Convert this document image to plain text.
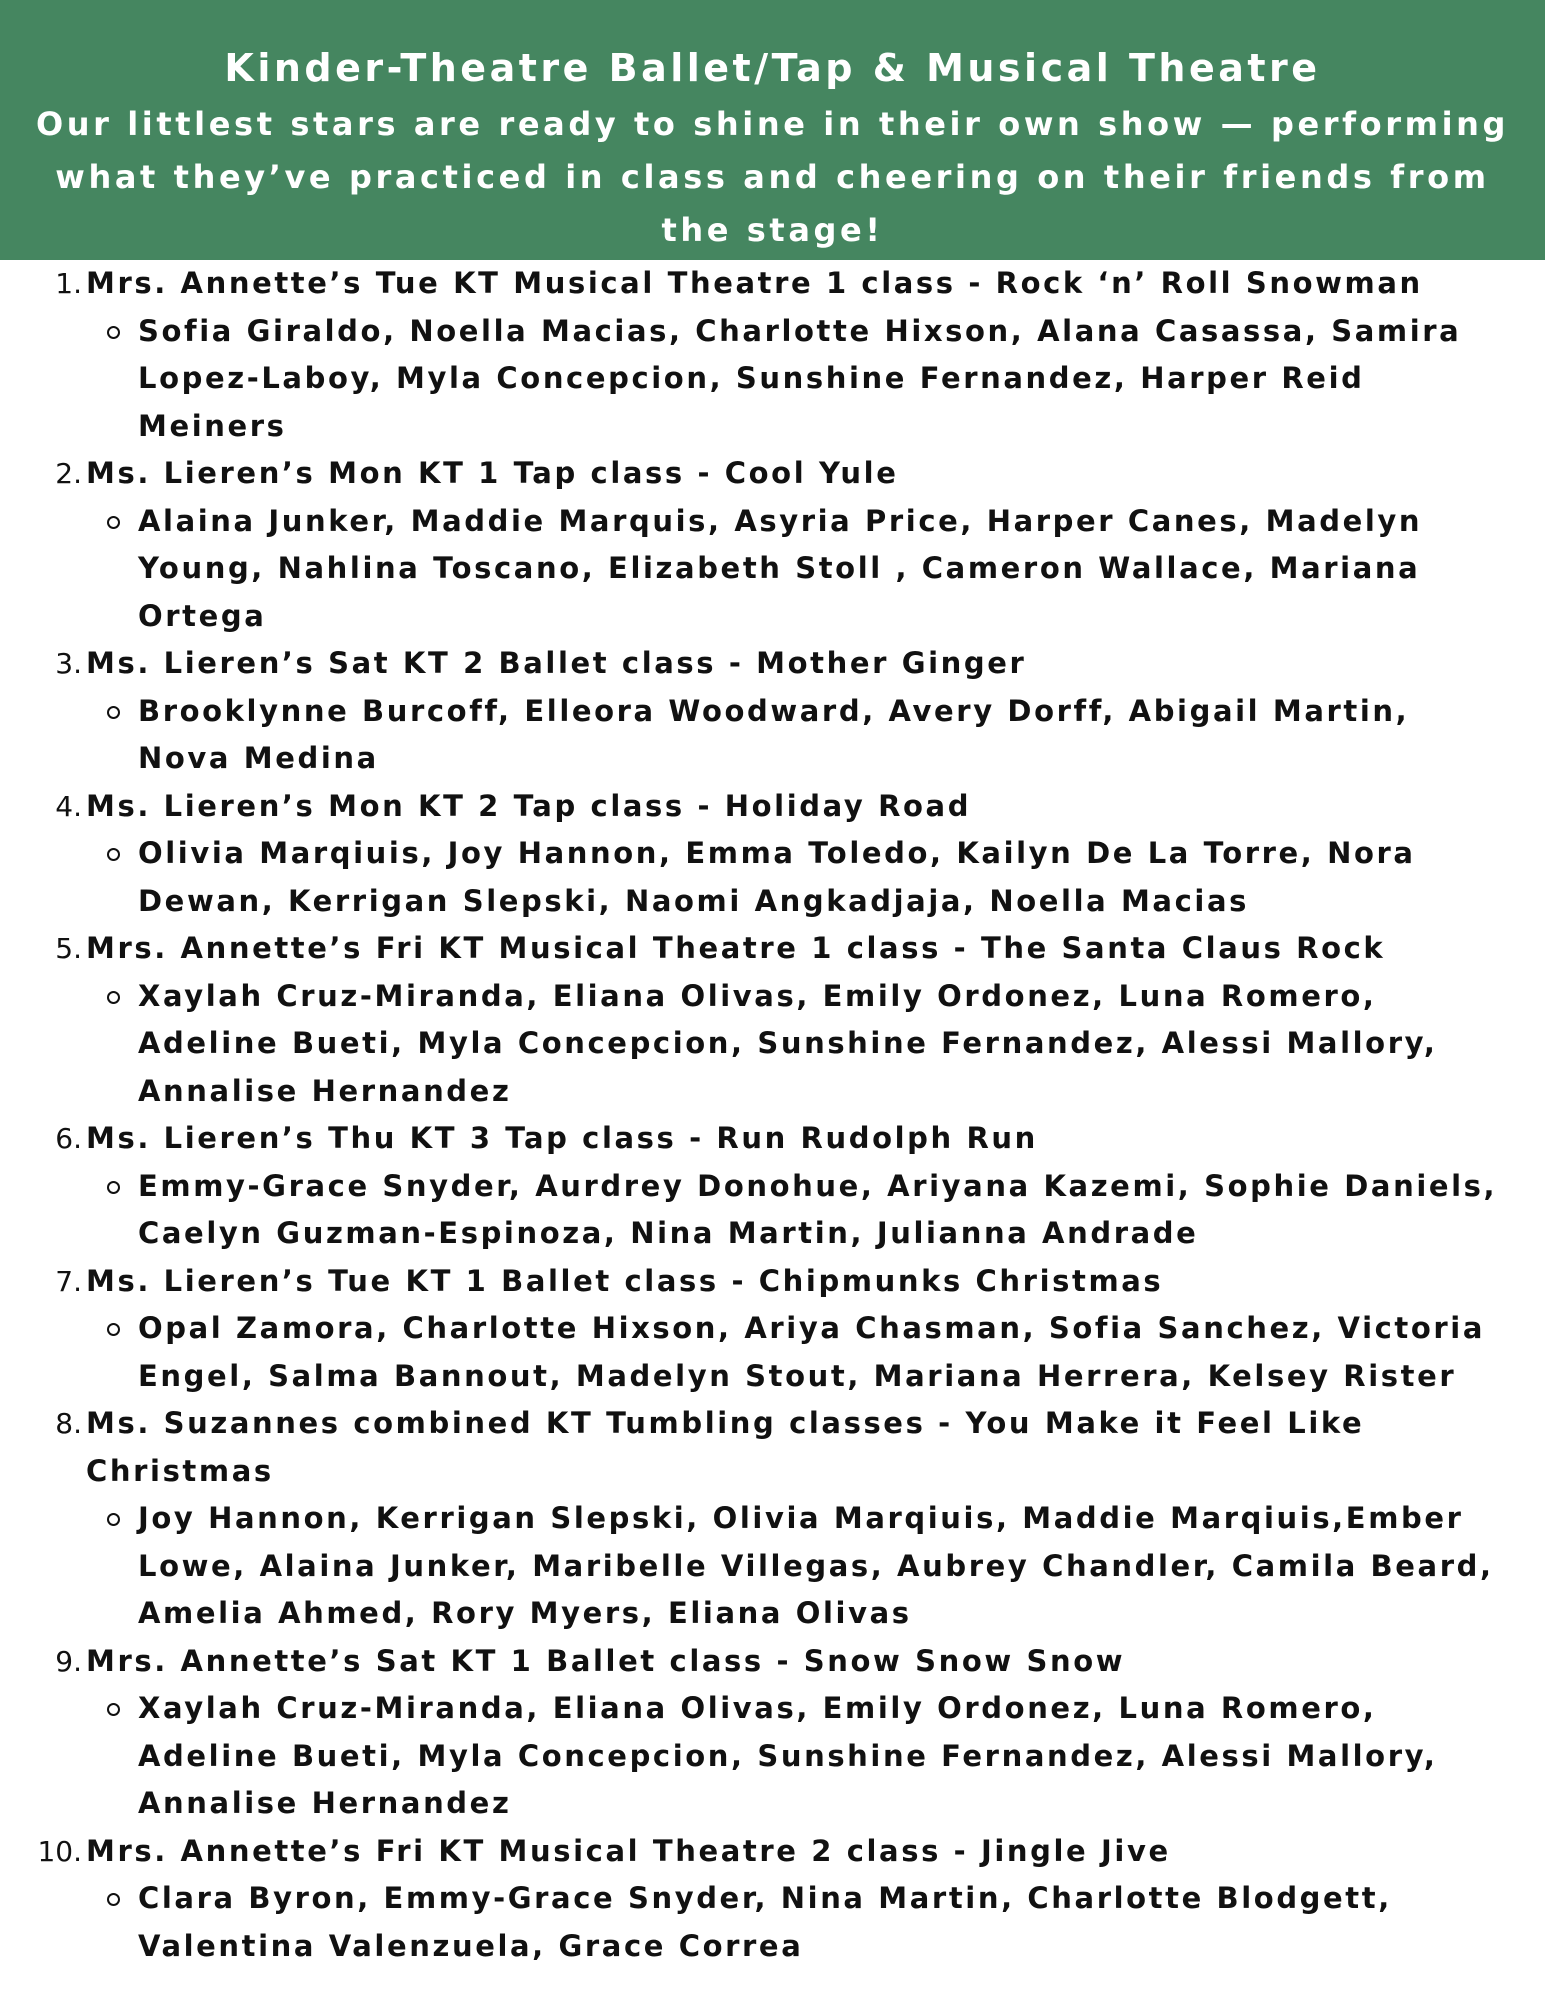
Kinder-Theatre Ballet/Tap & Musical Theatre

Our littlest stars are ready to shine in their own show — performing what they’ve practiced in class and cheering on their friends from the stage!

1. Mrs. Annette’s Tue KT Musical Theatre 1 class - Rock ‘n’ Roll Snowman
Sofia Giraldo, Noella Macias, Charlotte Hixson, Alana Casassa, Samira Lopez-Laboy, Myla Concepcion, Sunshine Fernandez, Harper Reid Meiners
2. Ms. Lieren’s Mon KT 1 Tap class - Cool Yule
Alaina Junker, Maddie Marquis, Asyria Price, Harper Canes, Madelyn Young, Nahlina Toscano, Elizabeth Stoll , Cameron Wallace, Mariana Ortega
3. Ms. Lieren’s Sat KT 2 Ballet class - Mother Ginger
Brooklynne Burcoff, Elleora Woodward, Avery Dorff, Abigail Martin, Nova Medina
4. Ms. Lieren’s Mon KT 2 Tap class - Holiday Road
Olivia Marqiuis, Joy Hannon, Emma Toledo, Kailyn De La Torre, Nora Dewan, Kerrigan Slepski, Naomi Angkadjaja, Noella Macias
5. Mrs. Annette’s Fri KT Musical Theatre 1 class - The Santa Claus Rock
Xaylah Cruz-Miranda, Eliana Olivas, Emily Ordonez, Luna Romero, Adeline Bueti, Myla Concepcion, Sunshine Fernandez, Alessi Mallory, Annalise Hernandez
6. Ms. Lieren’s Thu KT 3 Tap class - Run Rudolph Run
Emmy-Grace Snyder, Aurdrey Donohue, Ariyana Kazemi, Sophie Daniels, Caelyn Guzman-Espinoza, Nina Martin, Julianna Andrade
7. Ms. Lieren’s Tue KT 1 Ballet class - Chipmunks Christmas
Opal Zamora, Charlotte Hixson, Ariya Chasman, Sofia Sanchez, Victoria Engel, Salma Bannout, Madelyn Stout, Mariana Herrera, Kelsey Rister
8. Ms. Suzannes combined KT Tumbling classes - You Make it Feel Like Christmas
Joy Hannon, Kerrigan Slepski, Olivia Marqiuis, Maddie Marqiuis,Ember Lowe, Alaina Junker, Maribelle Villegas, Aubrey Chandler, Camila Beard, Amelia Ahmed, Rory Myers, Eliana Olivas
9. Mrs. Annette’s Sat KT 1 Ballet class - Snow Snow Snow
Xaylah Cruz-Miranda, Eliana Olivas, Emily Ordonez, Luna Romero, Adeline Bueti, Myla Concepcion, Sunshine Fernandez, Alessi Mallory, Annalise Hernandez
10. Mrs. Annette’s Fri KT Musical Theatre 2 class - Jingle Jive
Clara Byron, Emmy-Grace Snyder, Nina Martin, Charlotte Blodgett, Valentina Valenzuela, Grace Correa
